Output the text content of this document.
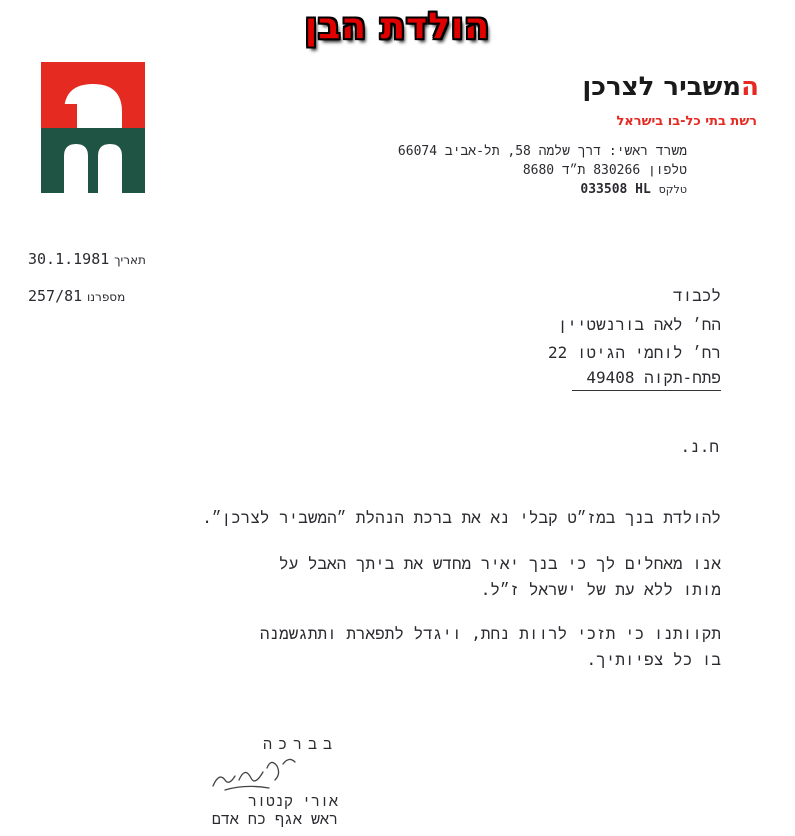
הולדת הבן
המשביר לצרכן
רשת בתי כל-בו בישראל
משרד ראשי: דרך שלמה 58, תל-אביב 66074
טלפון 830266 ת״ד 8680
טלקס 033508 HL
30.1.1981 תאריך
257/81 מספרנו	לכבוד
הח׳ לאה בורנשטיין
רח׳ לוחמי הגיטו 22
פתח-תקוה 49408
ח.נ.
להולדת בנך במז״ט קבלי נא את ברכת הנהלת ״המשביר לצרכן״.
אנו מאחלים לך כי בנך יאיר מחדש את ביתך האבל על
מותו ללא עת של ישראל ז״ל.
תקוותנו כי תזכי לרוות נחת, ויגדל לתפארת ותתגשמנה
בו כל צפיותיך.
בברכה
אורי קנטור
ראש אגף כח אדם
